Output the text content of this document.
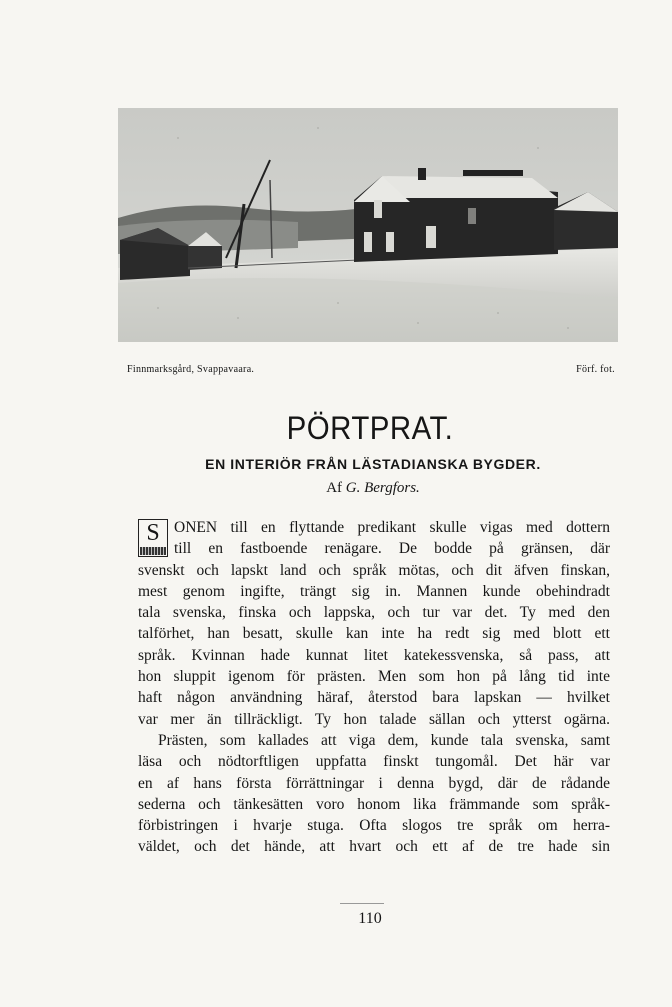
Finnmarksgård, Svappavaara.	Förf. fot.
PÖRTPRAT.
EN INTERIÖR FRÅN LÄSTADIANSKA BYGDER.
Af G. Bergfors.
S ONEN till en flyttande predikant skulle vigas med dottern
till en fastboende renägare. De bodde på gränsen, där
svenskt och lapskt land och språk mötas, och dit äfven finskan,
mest genom ingifte, trängt sig in. Mannen kunde obehindradt
tala svenska, finska och lappska, och tur var det. Ty med den
talförhet, han besatt, skulle kan inte ha redt sig med blott ett
språk. Kvinnan hade kunnat litet katekessvenska, så pass, att
hon sluppit igenom för prästen. Men som hon på lång tid inte
haft någon användning häraf, återstod bara lapskan — hvilket
var mer än tillräckligt. Ty hon talade sällan och ytterst ogärna.
Prästen, som kallades att viga dem, kunde tala svenska, samt
läsa och nödtorftligen uppfatta finskt tungomål. Det här var
en af hans första förrättningar i denna bygd, där de rådande
sederna och tänkesätten voro honom lika främmande som språk-
förbistringen i hvarje stuga. Ofta slogos tre språk om herra-
väldet, och det hände, att hvart och ett af de tre hade sin
110
